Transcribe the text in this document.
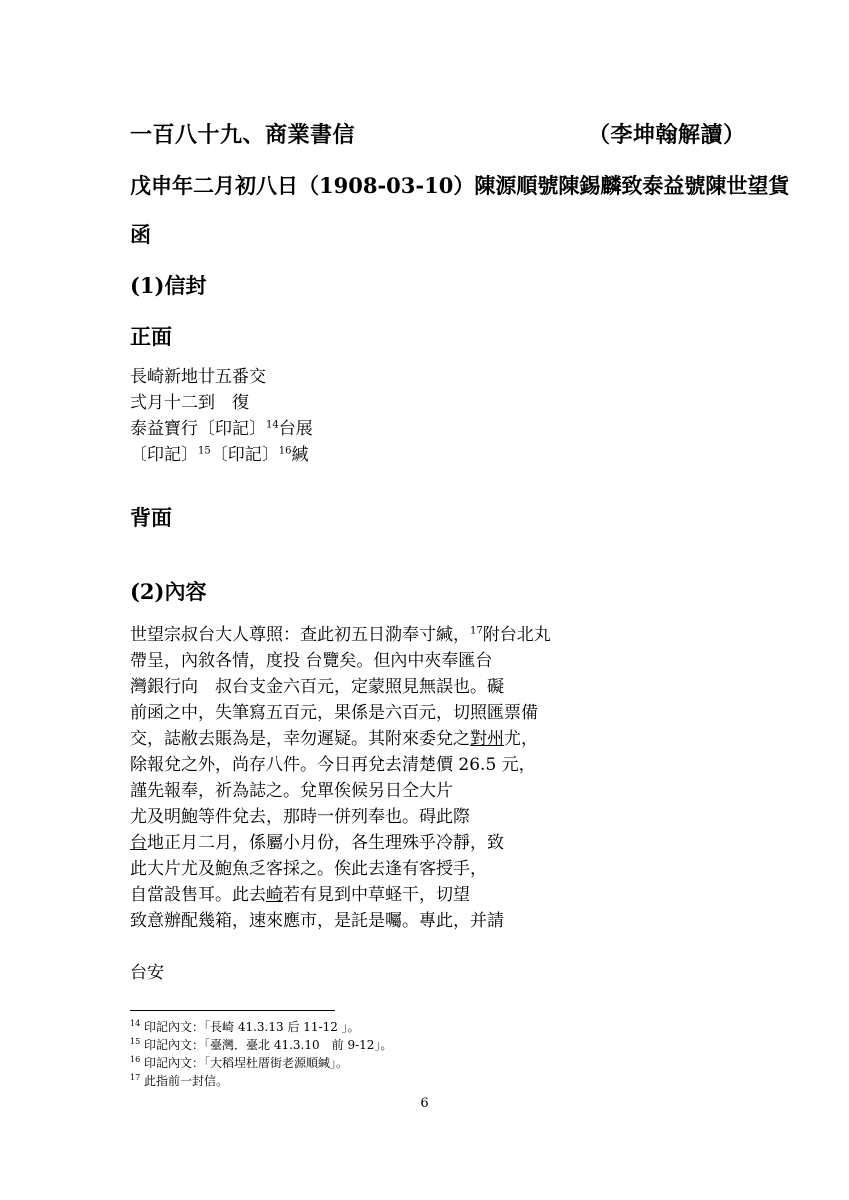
一百八十九、商業書信	（李坤翰解讀）
戊申年二月初八日（1908-03-10）陳源順號陳錫麟致泰益號陳世望貨
函
(1)信封
正面
長崎新地廿五番交
弍月十二到　復
泰益寶行〔印記〕$^{14}$台展
〔印記〕$^{15}$〔印記〕$^{16}$緘
背面
(2)內容
世望宗叔台大人尊照：查此初五日泐奉寸緘，$^{17}$附台北丸
帶呈，內敘各情，度投 台覽矣。但內中夾奉匯台
灣銀行向　叔台支金六百元，定蒙照見無誤也。礙
前函之中，失筆寫五百元，果係是六百元，切照匯票備
交，誌敝去賬為是，幸勿遲疑。其附來委兌之對州尤，
除報兌之外，尚存八件。今日再兌去清楚價 26.5 元，
謹先報奉，祈為誌之。兌單俟候另日仝大片
尤及明鮑等件兌去，那時一併列奉也。碍此際
台地正月二月，係屬小月份，各生理殊乎冷靜，致
此大片尤及鮑魚乏客採之。俟此去逢有客授手，
自當設售耳。此去崎若有見到中草蛏干，切望
致意辦配幾箱，速來應市，是託是囑。專此，并請
台安
$^{14}$ 印記內文：「長崎 41.3.13 后 11-12 」。
$^{15}$ 印記內文：「臺灣．臺北 41.3.10　前 9-12」。
$^{16}$ 印記內文：「大稻埕杜厝街老源順緘」。
$^{17}$ 此指前一封信。
6
